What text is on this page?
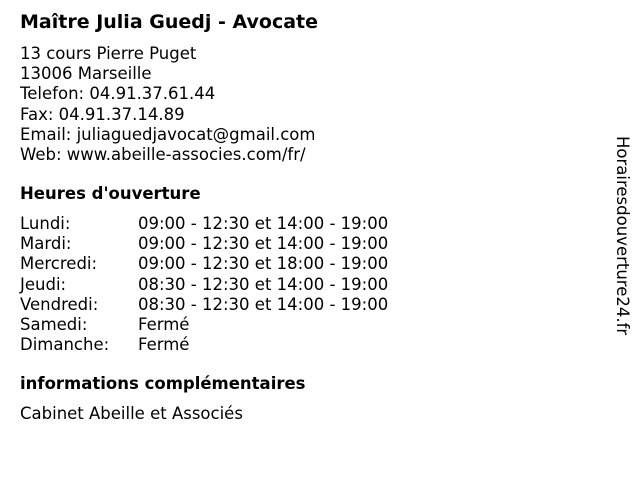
Maître Julia Guedj - Avocate
13 cours Pierre Puget
13006 Marseille
Telefon: 04.91.37.61.44
Fax: 04.91.37.14.89
Email: juliaguedjavocat@gmail.com
Web: www.abeille-associes.com/fr/
Heures d'ouverture
Lundi:	09:00 - 12:30 et 14:00 - 19:00
Mardi:	09:00 - 12:30 et 14:00 - 19:00
Mercredi: 09:00 - 12:30 et 18:00 - 19:00
Jeudi:	08:30 - 12:30 et 14:00 - 19:00
Vendredi: 08:30 - 12:30 et 14:00 - 19:00
Samedi:	Fermé
Dimanche: Fermé
informations complémentaires
Cabinet Abeille et Associés
Horairesdouverture24.fr
